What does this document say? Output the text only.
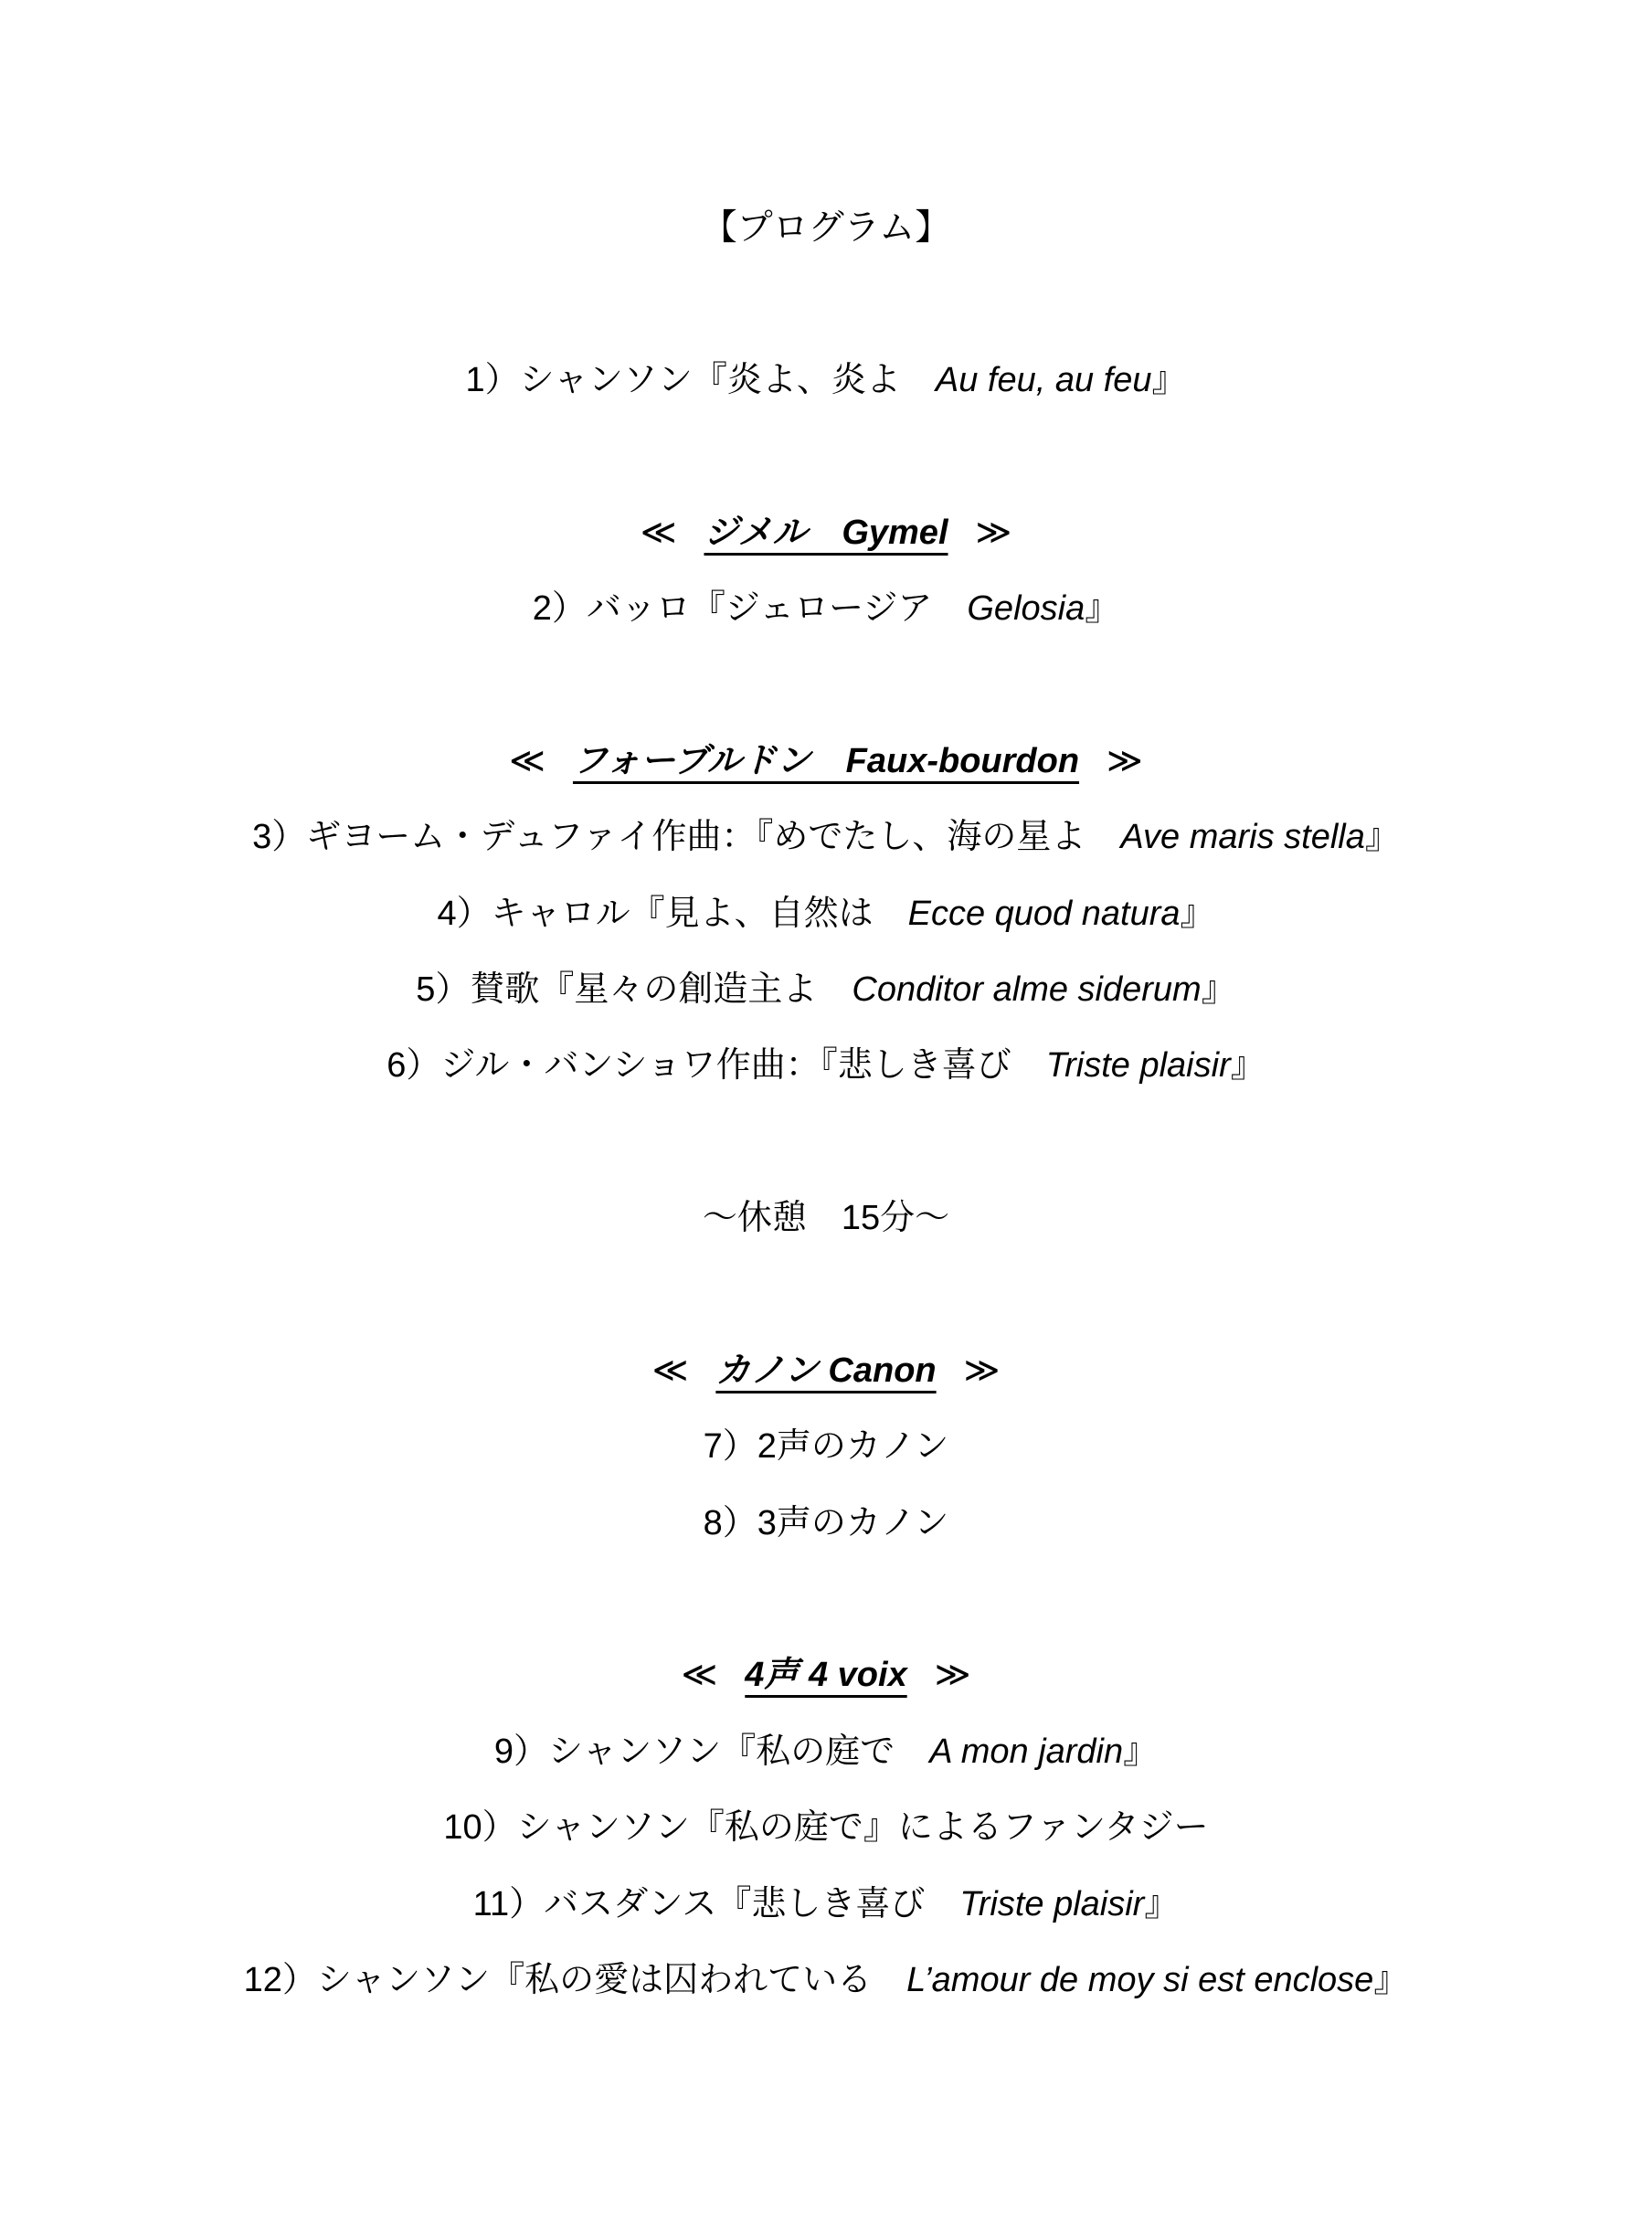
【プログラム】
1）シャンソン『炎よ、炎よ　Au feu, au feu』
≪ ジメル　Gymel ≫
2）バッロ『ジェロージア　Gelosia』
≪ フォーブルドン　Faux-bourdon ≫
3）ギヨーム・デュファイ作曲：『めでたし、海の星よ　Ave maris stella』
4）キャロル『見よ、自然は　Ecce quod natura』
5）賛歌『星々の創造主よ　Conditor alme siderum』
6）ジル・バンショワ作曲：『悲しき喜び　Triste plaisir』
～休憩　15分～
≪ カノン Canon ≫
7）2声のカノン
8）3声のカノン
≪ 4声 4 voix ≫
9）シャンソン『私の庭で　A mon jardin』
10）シャンソン『私の庭で』によるファンタジー
11）バスダンス『悲しき喜び　Triste plaisir』
12）シャンソン『私の愛は囚われている　L’amour de moy si est enclose』
